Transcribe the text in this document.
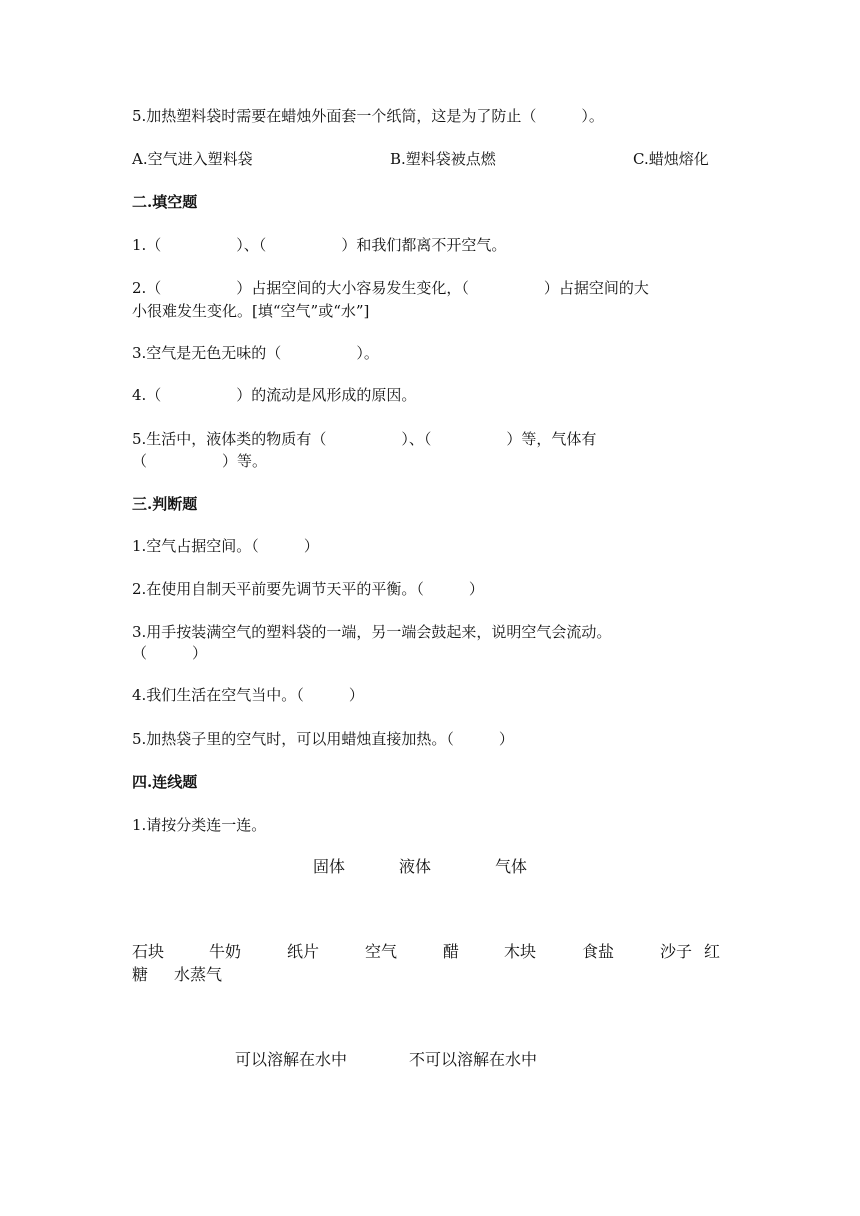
5.加热塑料袋时需要在蜡烛外面套一个纸筒，这是为了防止（　　　）。
A.空气进入塑料袋	B.塑料袋被点燃	C.蜡烛熔化
二.填空题
1.（　　　　　）、（　　　　　）和我们都离不开空气。
2.（　　　　　）占据空间的大小容易发生变化，（　　　　　）占据空间的大
小很难发生变化。[填“空气”或“水”]
3.空气是无色无味的（　　　　　）。
4.（　　　　　）的流动是风形成的原因。
5.生活中，液体类的物质有（　　　　　）、（　　　　　）等，气体有
（　　　　　）等。
三.判断题
1.空气占据空间。（　　　）
2.在使用自制天平前要先调节天平的平衡。（　　　）
3.用手按装满空气的塑料袋的一端，另一端会鼓起来，说明空气会流动。
（　　　）
4.我们生活在空气当中。（　　　）
5.加热袋子里的空气时，可以用蜡烛直接加热。（　　　）
四.连线题
1.请按分类连一连。
固体	液体	气体
石块	牛奶	纸片	空气	醋	木块	食盐	沙子 红
糖 水蒸气
可以溶解在水中	不可以溶解在水中
